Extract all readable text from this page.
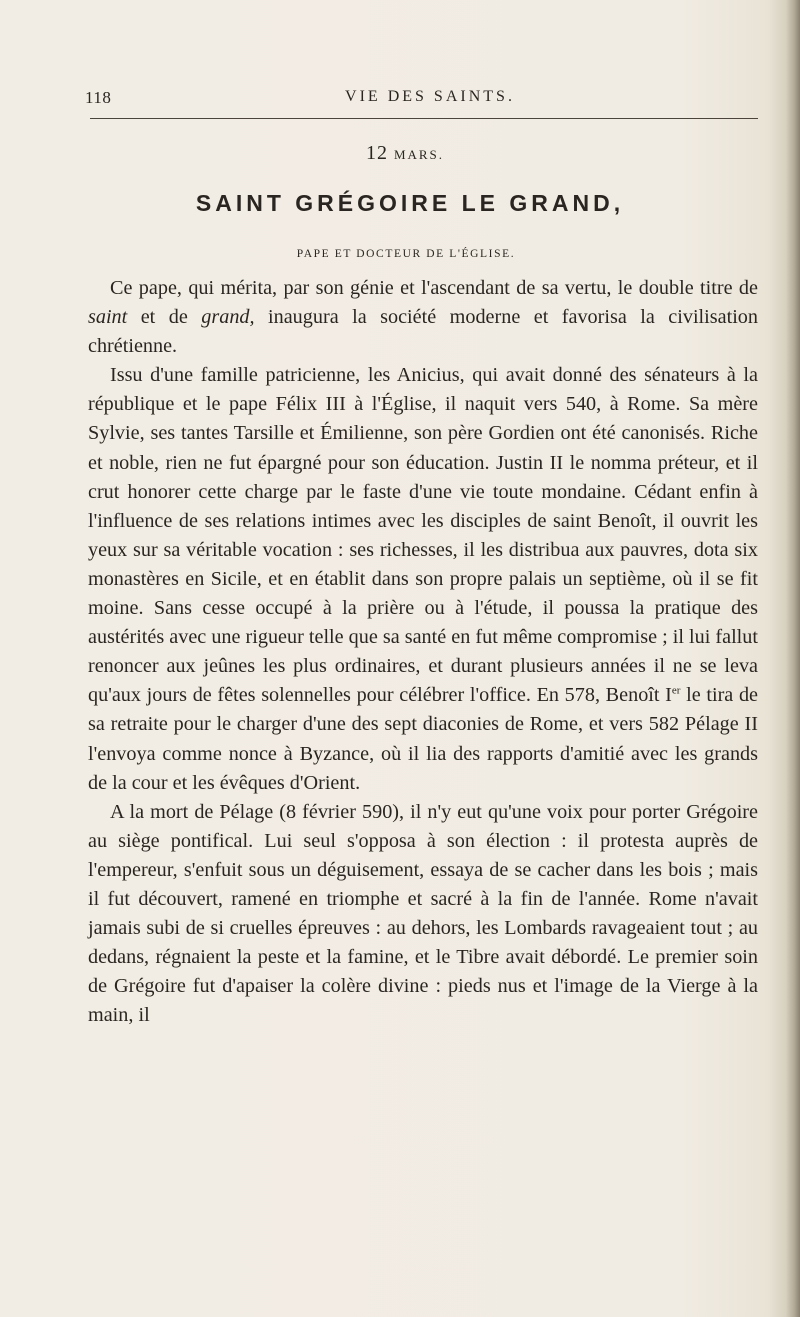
118	VIE DES SAINTS.
12 MARS.
SAINT GRÉGOIRE LE GRAND,
PAPE ET DOCTEUR DE L'ÉGLISE.

Ce pape, qui mérita, par son génie et l'ascendant de sa vertu, le double titre de saint et de grand, inaugura la société moderne et favorisa la civilisation chrétienne.

Issu d'une famille patricienne, les Anicius, qui avait donné des sénateurs à la république et le pape Félix III à l'Église, il naquit vers 540, à Rome. Sa mère Sylvie, ses tantes Tarsille et Émilienne, son père Gordien ont été canonisés. Riche et noble, rien ne fut épargné pour son éducation. Justin II le nomma préteur, et il crut honorer cette charge par le faste d'une vie toute mondaine. Cédant enfin à l'influence de ses relations intimes avec les disciples de saint Benoît, il ouvrit les yeux sur sa véritable vocation : ses richesses, il les distribua aux pauvres, dota six monastères en Sicile, et en établit dans son propre palais un septième, où il se fit moine. Sans cesse occupé à la prière ou à l'étude, il poussa la pratique des austérités avec une rigueur telle que sa santé en fut même compromise ; il lui fallut renoncer aux jeûnes les plus ordinaires, et durant plusieurs années il ne se leva qu'aux jours de fêtes solennelles pour célébrer l'office. En 578, Benoît Ier le tira de sa retraite pour le charger d'une des sept diaconies de Rome, et vers 582 Pélage II l'envoya comme nonce à Byzance, où il lia des rapports d'amitié avec les grands de la cour et les évêques d'Orient.

A la mort de Pélage (8 février 590), il n'y eut qu'une voix pour porter Grégoire au siège pontifical. Lui seul s'opposa à son élection : il protesta auprès de l'empereur, s'enfuit sous un déguisement, essaya de se cacher dans les bois ; mais il fut découvert, ramené en triomphe et sacré à la fin de l'année. Rome n'avait jamais subi de si cruelles épreuves : au dehors, les Lombards ravageaient tout ; au dedans, régnaient la peste et la famine, et le Tibre avait débordé. Le premier soin de Grégoire fut d'apaiser la colère divine : pieds nus et l'image de la Vierge à la main, il
